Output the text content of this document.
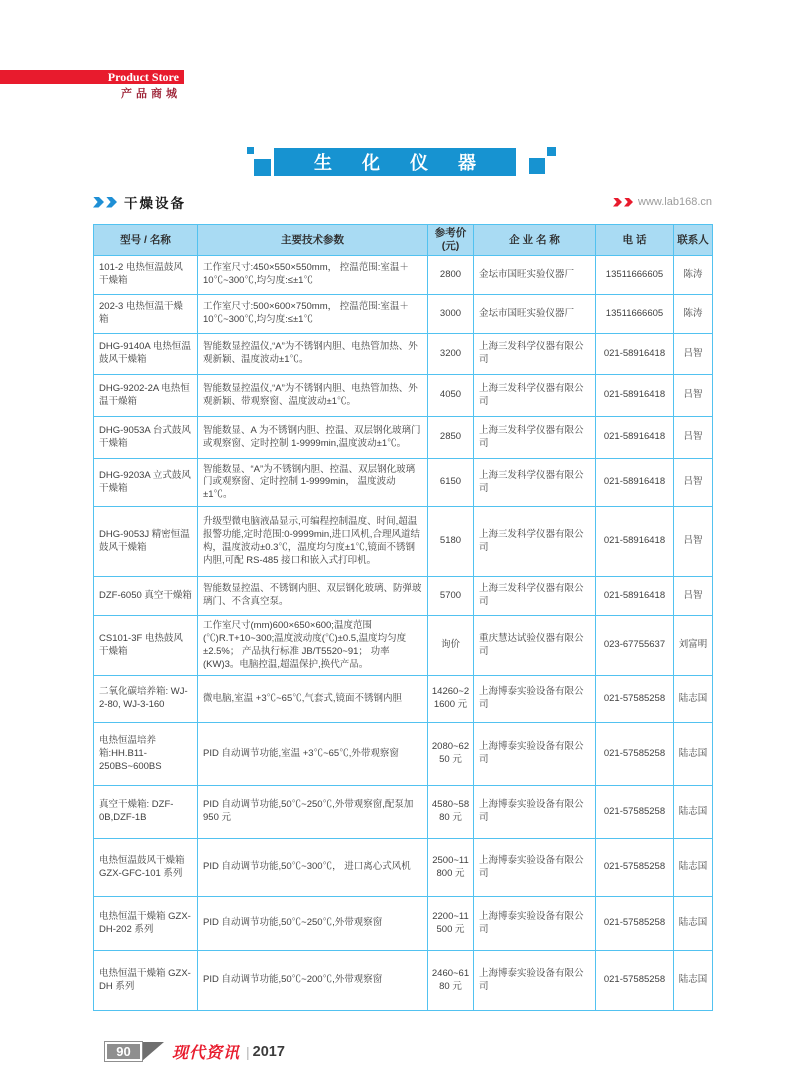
Product Store
产品商城
生化仪器
干燥设备	www.lab168.cn
型号 / 名称	主要技术参数	参考价(元)	企 业 名 称	电 话	联系人
101-2 电热恒温鼓风干燥箱	工作室尺寸:450×550×550mm， 控温范围:室温＋10℃~300℃,均匀度:≤±1℃	2800	金坛市国旺实验仪器厂	13511666605	陈涛
202-3 电热恒温干燥箱	工作室尺寸:500×600×750mm， 控温范围:室温＋10℃~300℃,均匀度:≤±1℃	3000	金坛市国旺实验仪器厂	13511666605	陈涛
DHG-9140A 电热恒温鼓风干燥箱	智能数显控温仪,“A”为不锈钢内胆、电热管加热、外观新颖、温度波动±1℃。	3200	上海三发科学仪器有限公司	021-58916418	吕智
DHG-9202-2A 电热恒温干燥箱	智能数显控温仪,“A”为不锈钢内胆、电热管加热、外观新颖、带观察窗、温度波动±1℃。	4050	上海三发科学仪器有限公司	021-58916418	吕智
DHG-9053A 台式鼓风干燥箱	智能数显、A 为不锈钢内胆、控温、双层钢化玻璃门或观察窗、定时控制 1-9999min,温度波动±1℃。	2850	上海三发科学仪器有限公司	021-58916418	吕智
DHG-9203A 立式鼓风干燥箱	智能数显、“A”为不锈钢内胆、控温、双层钢化玻璃门或观察窗、定时控制 1-9999min， 温度波动±1℃。	6150	上海三发科学仪器有限公司	021-58916418	吕智
DHG-9053J 精密恒温鼓风干燥箱	升级型微电脑液晶显示,可编程控制温度、时间,超温报警功能,定时范围:0-9999min,进口风机,合理风道结构，温度波动±0.3℃，温度均匀度±1℃,镜面不锈钢内胆,可配 RS-485 接口和嵌入式打印机。	5180	上海三发科学仪器有限公司	021-58916418	吕智
DZF-6050 真空干燥箱	智能数显控温、不锈钢内胆、双层钢化玻璃、防弹玻璃门、不含真空泵。	5700	上海三发科学仪器有限公司	021-58916418	吕智
CS101-3F 电热鼓风干燥箱	工作室尺寸(mm)600×650×600;温度范围(℃)R.T+10~300;温度波动度(℃)±0.5,温度均匀度±2.5%； 产品执行标准 JB/T5520~91； 功率(KW)3。电脑控温,超温保护,换代产品。	询价	重庆慧达试验仪器有限公司	023-67755637	刘富明
二氧化碳培养箱: WJ-2-80, WJ-3-160	微电脑,室温 +3℃~65℃,气套式,镜面不锈钢内胆	14260~21600 元	上海博泰实验设备有限公司	021-57585258	陆志国
电热恒温培养箱:HH.B11-250BS~600BS	PID 自动调节功能,室温 +3℃~65℃,外带观察窗	2080~6250 元	上海博泰实验设备有限公司	021-57585258	陆志国
真空干燥箱: DZF-0B,DZF-1B	PID 自动调节功能,50℃~250℃,外带观察窗,配泵加 950 元	4580~5880 元	上海博泰实验设备有限公司	021-57585258	陆志国
电热恒温鼓风干燥箱 GZX-GFC-101 系列	PID 自动调节功能,50℃~300℃， 进口离心式风机	2500~11800 元	上海博泰实验设备有限公司	021-57585258	陆志国
电热恒温干燥箱 GZX-DH-202 系列	PID 自动调节功能,50℃~250℃,外带观察窗	2200~11500 元	上海博泰实验设备有限公司	021-57585258	陆志国
电热恒温干燥箱 GZX-DH 系列	PID 自动调节功能,50℃~200℃,外带观察窗	2460~6180 元	上海博泰实验设备有限公司	021-57585258	陆志国
90	现代资讯 | 2017
